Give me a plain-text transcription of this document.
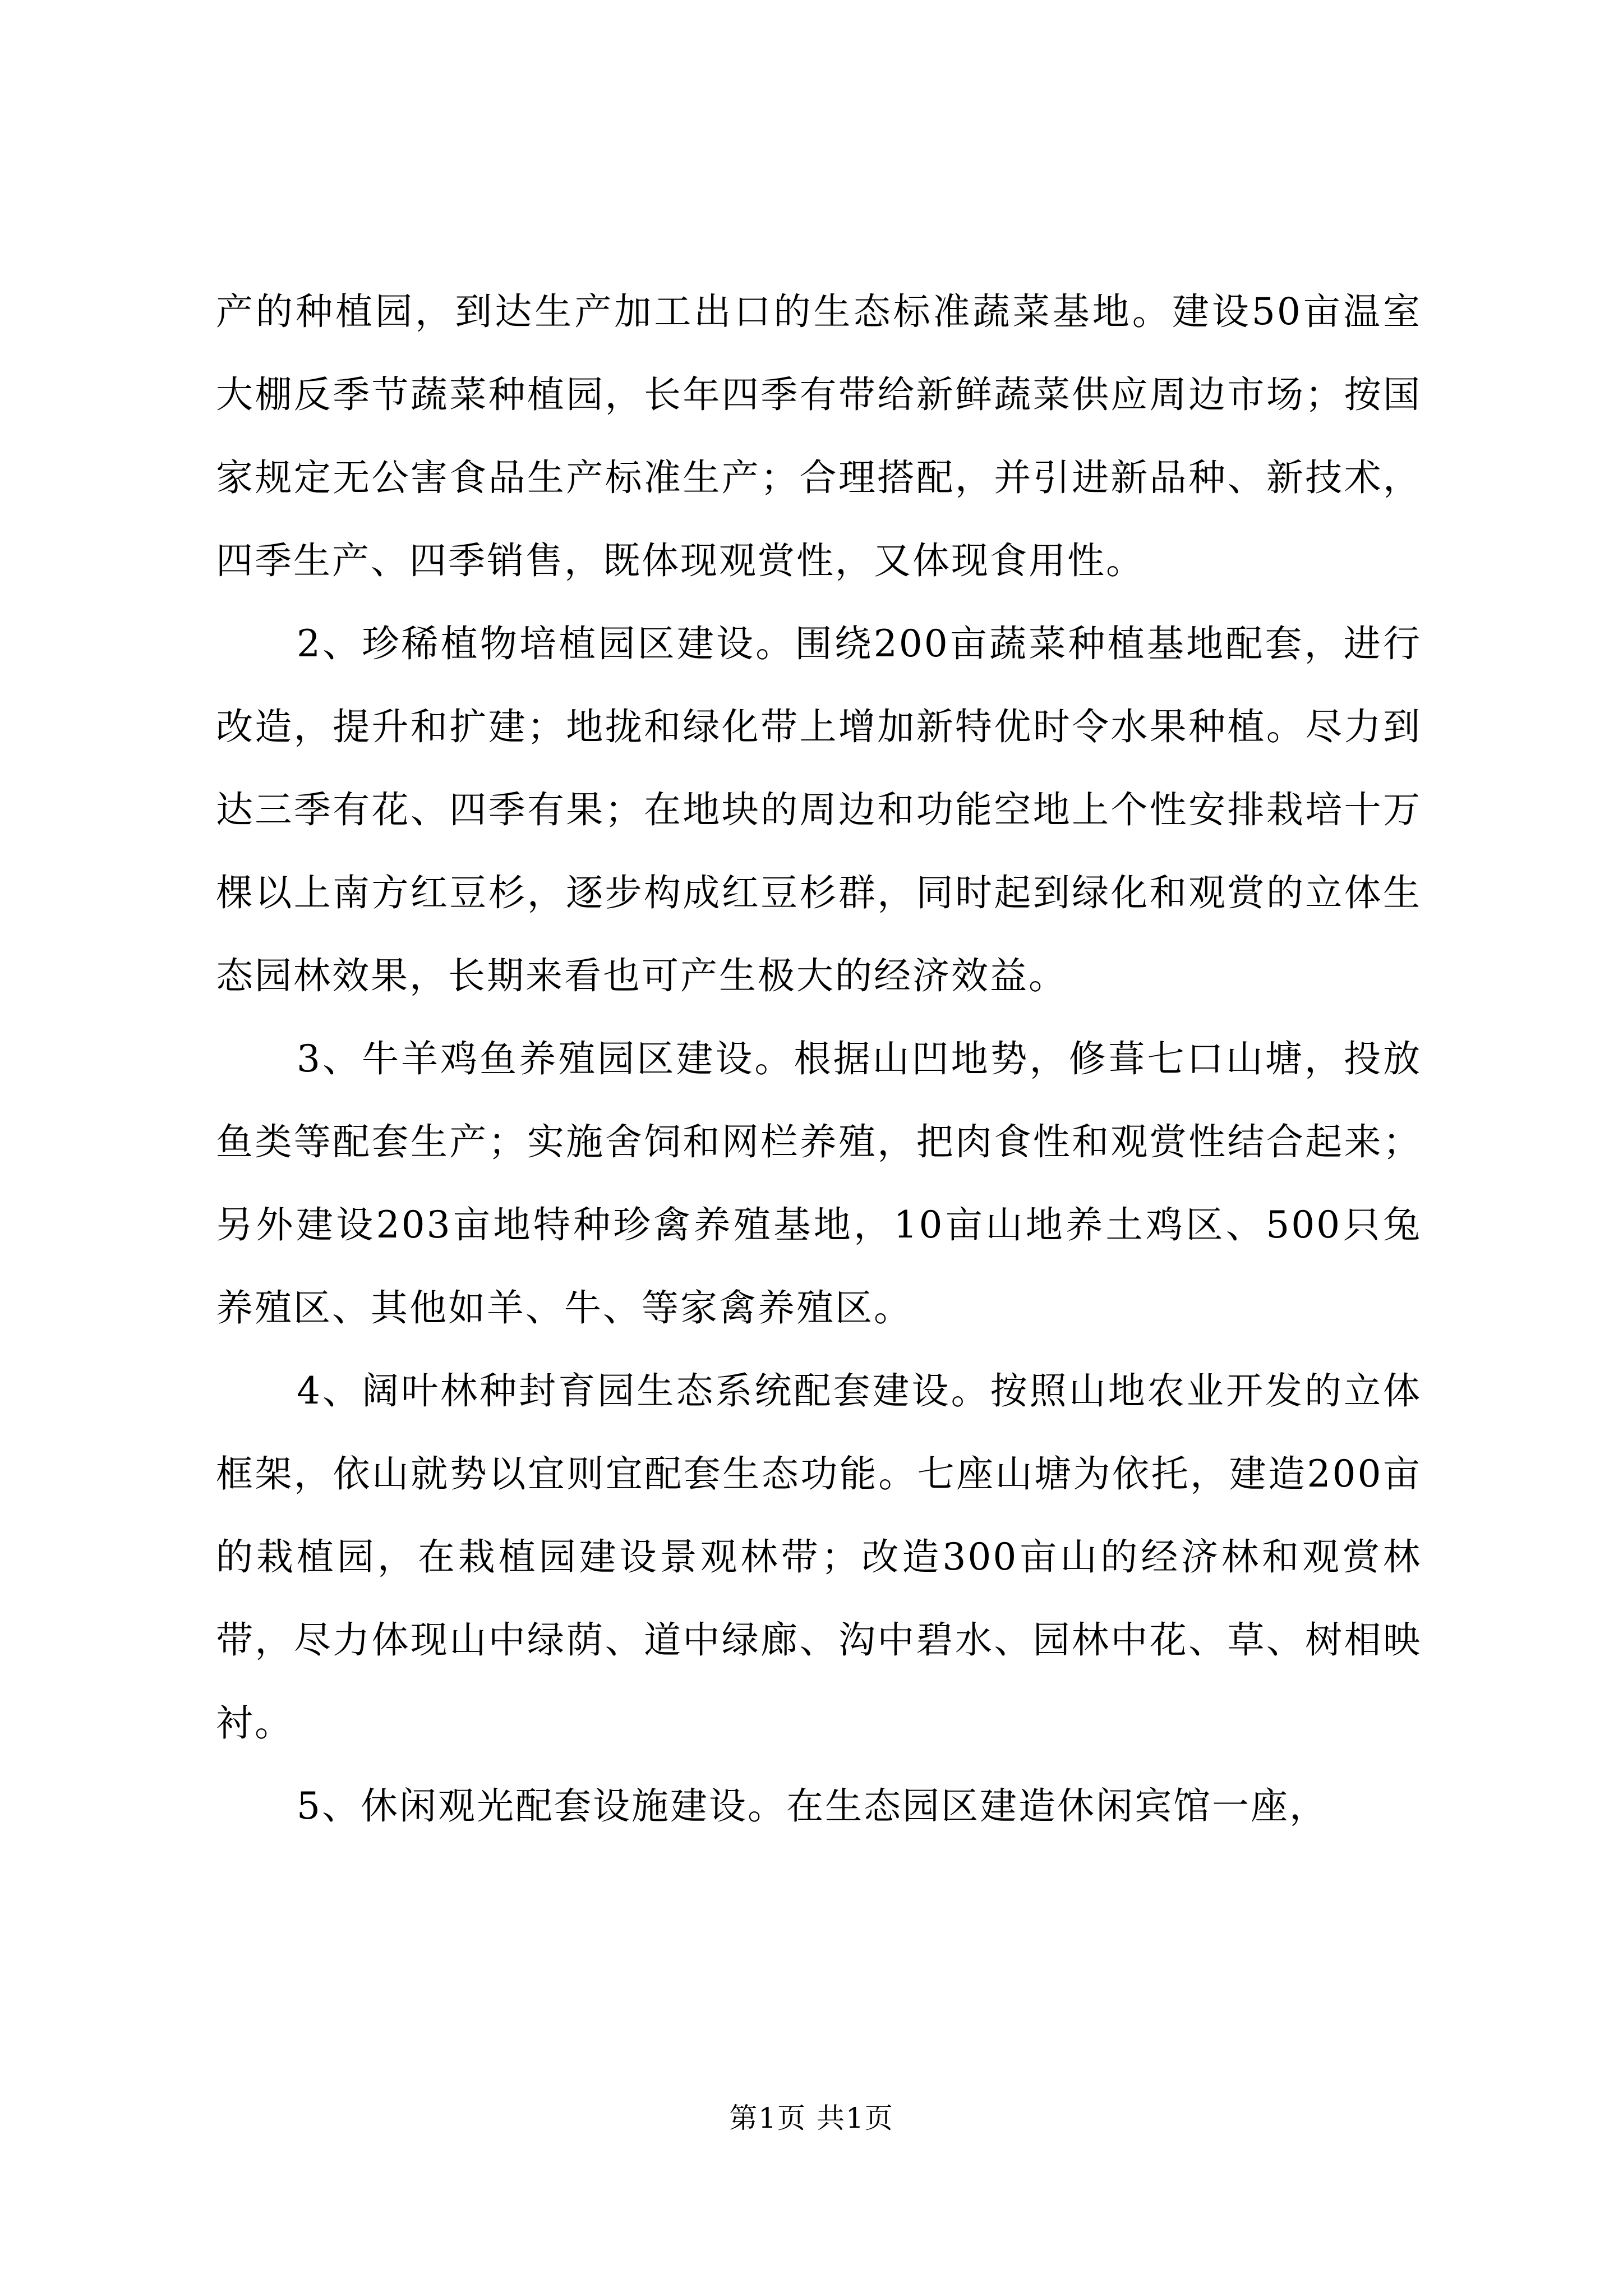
产的种植园，到达生产加工出口的生态标准蔬菜基地。建设50亩温室大棚反季节蔬菜种植园，长年四季有带给新鲜蔬菜供应周边市场；按国家规定无公害食品生产标准生产；合理搭配，并引进新品种、新技术，四季生产、四季销售，既体现观赏性，又体现食用性。

2、珍稀植物培植园区建设。围绕200亩蔬菜种植基地配套，进行改造，提升和扩建；地拢和绿化带上增加新特优时令水果种植。尽力到达三季有花、四季有果；在地块的周边和功能空地上个性安排栽培十万棵以上南方红豆杉，逐步构成红豆杉群，同时起到绿化和观赏的立体生态园林效果，长期来看也可产生极大的经济效益。

3、牛羊鸡鱼养殖园区建设。根据山凹地势，修葺七口山塘，投放鱼类等配套生产；实施舍饲和网栏养殖，把肉食性和观赏性结合起来；另外建设203亩地特种珍禽养殖基地，10亩山地养土鸡区、500只兔养殖区、其他如羊、牛、等家禽养殖区。

4、阔叶林种封育园生态系统配套建设。按照山地农业开发的立体框架，依山就势以宜则宜配套生态功能。七座山塘为依托，建造200亩的栽植园，在栽植园建设景观林带；改造300亩山的经济林和观赏林带，尽力体现山中绿荫、道中绿廊、沟中碧水、园林中花、草、树相映衬。

5、休闲观光配套设施建设。在生态园区建造休闲宾馆一座，

第1页 共1页
